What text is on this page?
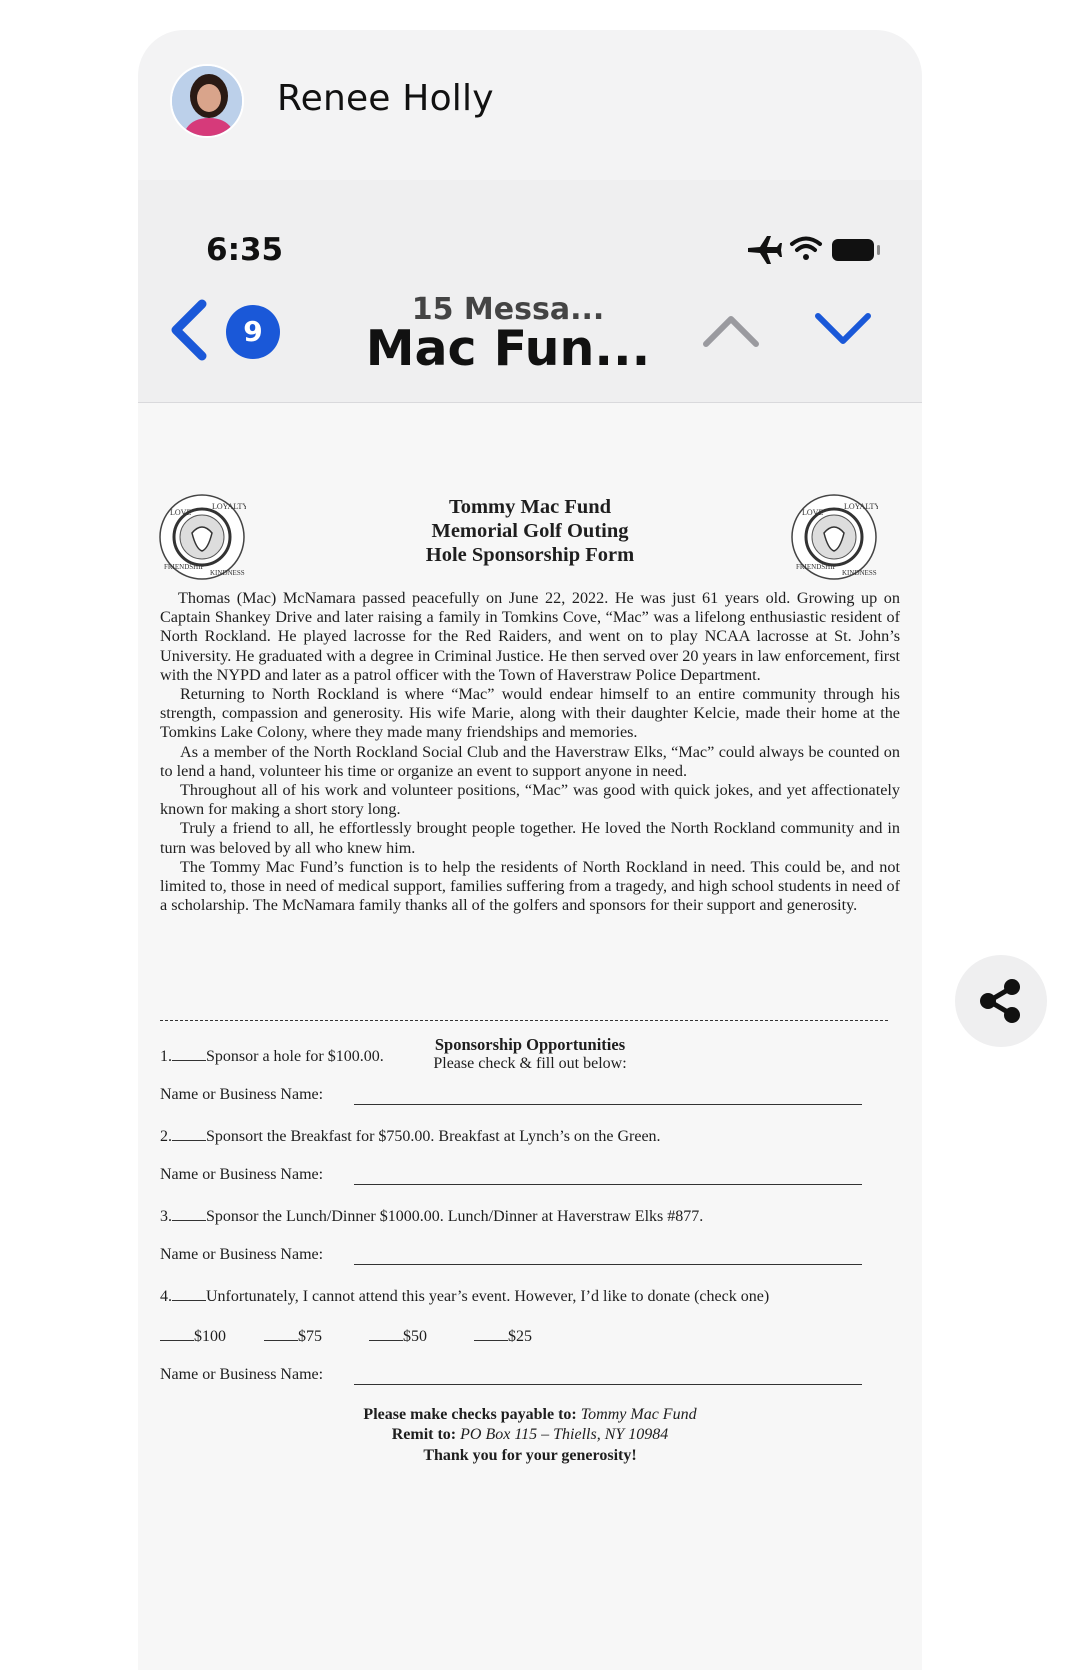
Renee Holly
6:35
9
15 Messa...
Mac Fun...
LOVE
LOYALTY
FRIENDSHIP
KINDNESS
LOVE
LOYALTY
FRIENDSHIP
KINDNESS
Tommy Mac Fund
Memorial Golf Outing
Hole Sponsorship Form

Thomas (Mac) McNamara passed peacefully on June 22, 2022. He was just 61 years old. Growing up on Captain Shankey Drive and later raising a family in Tomkins Cove, “Mac” was a lifelong enthusiastic resident of North Rockland. He played lacrosse for the Red Raiders, and went on to play NCAA lacrosse at St. John’s University. He graduated with a degree in Criminal Justice. He then served over 20 years in law enforcement, first with the NYPD and later as a patrol officer with the Town of Haverstraw Police Department.

Returning to North Rockland is where “Mac” would endear himself to an entire community through his strength, compassion and generosity. His wife Marie, along with their daughter Kelcie, made their home at the Tomkins Lake Colony, where they made many friendships and memories.

As a member of the North Rockland Social Club and the Haverstraw Elks, “Mac” could always be counted on to lend a hand, volunteer his time or organize an event to support anyone in need.

Throughout all of his work and volunteer positions, “Mac” was good with quick jokes, and yet affectionately known for making a short story long.

Truly a friend to all, he effortlessly brought people together. He loved the North Rockland community and in turn was beloved by all who knew him.

The Tommy Mac Fund’s function is to help the residents of North Rockland in need. This could be, and not limited to, those in need of medical support, families suffering from a tragedy, and high school students in need of a scholarship. The McNamara family thanks all of the golfers and sponsors for their support and generosity.

Sponsorship Opportunities
Please check & fill out below:
1. Sponsor a hole for $100.00.
Name or Business Name:
2. Sponsort the Breakfast for $750.00. Breakfast at Lynch’s on the Green.
Name or Business Name:
3. Sponsor the Lunch/Dinner $1000.00. Lunch/Dinner at Haverstraw Elks #877.
Name or Business Name:
4. Unfortunately, I cannot attend this year’s event. However, I’d like to donate (check one)
$100	$75	$50	$25
Name or Business Name:
Please make checks payable to: Tommy Mac Fund
Remit to: PO Box 115 – Thiells, NY 10984
Thank you for your generosity!
